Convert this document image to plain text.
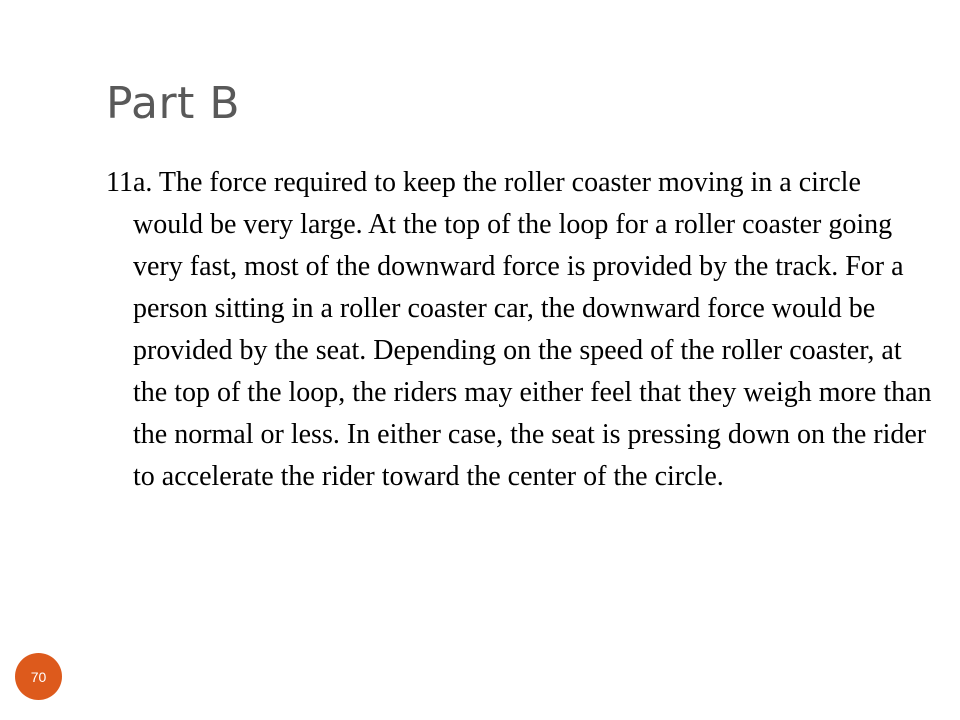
Part B
11a. The force required to keep the roller coaster moving in a circle would be very large. At the top of the loop for a roller coaster going very fast, most of the downward force is provided by the track. For a person sitting in a roller coaster car, the downward force would be provided by the seat. Depending on the speed of the roller coaster, at the top of the loop, the riders may either feel that they weigh more than the normal or less. In either case, the seat is pressing down on the rider to accelerate the rider toward the center of the circle.
70
